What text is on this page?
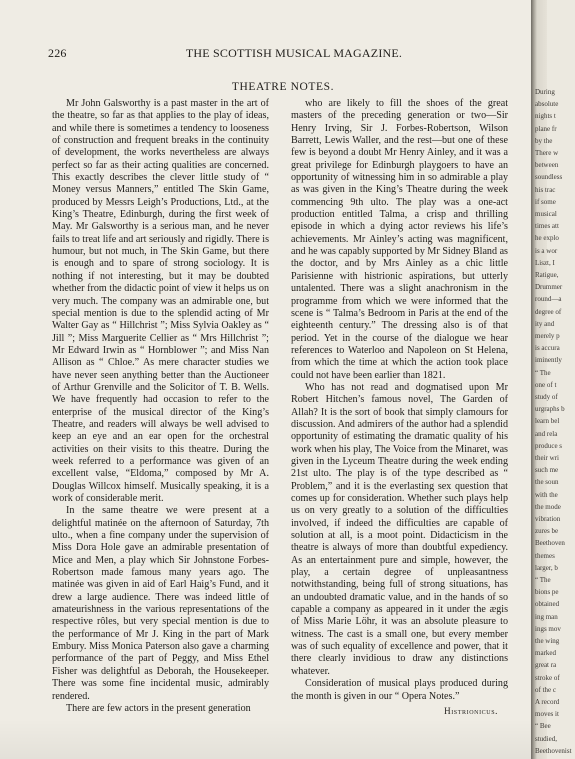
226	THE SCOTTISH MUSICAL MAGAZINE.
THEATRE NOTES.

Mr John Galsworthy is a past master in the art of the theatre, so far as that applies to the play of ideas, and while there is sometimes a tendency to looseness of construction and frequent breaks in the continuity of development, the works nevertheless are always perfect so far as their acting qualities are concerned. This exactly describes the clever little study of “ Money versus Manners,” entitled The Skin Game, produced by Messrs Leigh’s Productions, Ltd., at the King’s Theatre, Edinburgh, during the first week of May. Mr Galsworthy is a serious man, and he never fails to treat life and art seriously and rigidly. There is humour, but not much, in The Skin Game, but there is enough and to spare of strong sociology. It is nothing if not interesting, but it may be doubted whether from the didactic point of view it helps us on very much. The company was an admirable one, but special mention is due to the splendid acting of Mr Walter Gay as “ Hillchrist ”; Miss Sylvia Oakley as “ Jill ”; Miss Marguerite Cellier as “ Mrs Hillchrist ”; Mr Edward Irwin as “ Hornblower ”; and Miss Nan Allison as “ Chloe.” As mere character studies we have never seen anything better than the Auctioneer of Arthur Grenville and the Solicitor of T. B. Wells. We have frequently had occasion to refer to the enterprise of the musical director of the King’s Theatre, and readers will always be well advised to keep an eye and an ear open for the orchestral activities on their visits to this theatre. During the week referred to a performance was given of an excellent valse, “Eldoma,” composed by Mr A. Douglas Willcox himself. Musically speaking, it is a work of considerable merit.

In the same theatre we were present at a delightful matinée on the afternoon of Saturday, 7th ulto., when a fine company under the supervision of Miss Dora Hole gave an admirable presentation of Mice and Men, a play which Sir Johnstone Forbes-Robertson made famous many years ago. The matinée was given in aid of Earl Haig’s Fund, and it drew a large audience. There was indeed little of amateurishness in the various representations of the respective rôles, but very special mention is due to the performance of Mr J. King in the part of Mark Embury. Miss Monica Paterson also gave a charming performance of the part of Peggy, and Miss Ethel Fisher was delightful as Deborah, the Housekeeper. There was some fine incidental music, admirably rendered.

There are few actors in the present generation

who are likely to fill the shoes of the great masters of the preceding generation or two—Sir Henry Irving, Sir J. Forbes-Robertson, Wilson Barrett, Lewis Waller, and the rest—but one of these few is beyond a doubt Mr Henry Ainley, and it was a great privilege for Edinburgh playgoers to have an opportunity of witnessing him in so admirable a play as was given in the King’s Theatre during the week commencing 9th ulto. The play was a one-act production entitled Talma, a crisp and thrilling episode in which a dying actor reviews his life’s achievements. Mr Ainley’s acting was magnificent, and he was capably supported by Mr Sidney Bland as the doctor, and by Mrs Ainley as a chic little Parisienne with histrionic aspirations, but utterly untalented. There was a slight anachronism in the programme from which we were informed that the scene is “ Talma’s Bedroom in Paris at the end of the eighteenth century.” The dressing also is of that period. Yet in the course of the dialogue we hear references to Waterloo and Napoleon on St Helena, from which the time at which the action took place could not have been earlier than 1821.

Who has not read and dogmatised upon Mr Robert Hitchen’s famous novel, The Garden of Allah? It is the sort of book that simply clamours for discussion. And admirers of the author had a splendid opportunity of estimating the dramatic quality of his work when his play, The Voice from the Minaret, was given in the Lyceum Theatre during the week ending 21st ulto. The play is of the type described as “ Problem,” and it is the everlasting sex question that comes up for consideration. Whether such plays help us on very greatly to a solution of the difficulties involved, if indeed the difficulties are capable of solution at all, is a moot point. Didacticism in the theatre is always of more than doubtful expediency. As an entertainment pure and simple, however, the play, a certain degree of unpleasantness notwithstanding, being full of strong situations, has an undoubted dramatic value, and in the hands of so capable a company as appeared in it under the ægis of Miss Marie Löhr, it was an absolute pleasure to witness. The cast is a small one, but every member was of such equality of excellence and power, that it there clearly invidious to draw any distinctions whatever.

Consideration of musical plays produced during the month is given in our “ Opera Notes.”

Histrionicus.
During
absolute
nights t
plane fr
by the
There w
between
soundless
his trac
if some
musical
times att
he explo
is a wor
Liszt, I
Ratigue,
Drummer
round—a
degree of
ity and
merely p
is accura
iminently
“ The
one of t
study of
urgraphs b
learn bel
and rela
produce s
their wri
such me
the soun
with the
the mode
vibration
zures be
Beethoven
themes
larger, b
“ The
bions pe
obtained
ing man
ings mov
the wing
marked
great ra
stroke of
of the c
A record
moves it
“ Bee
studied,
Beethovenist
